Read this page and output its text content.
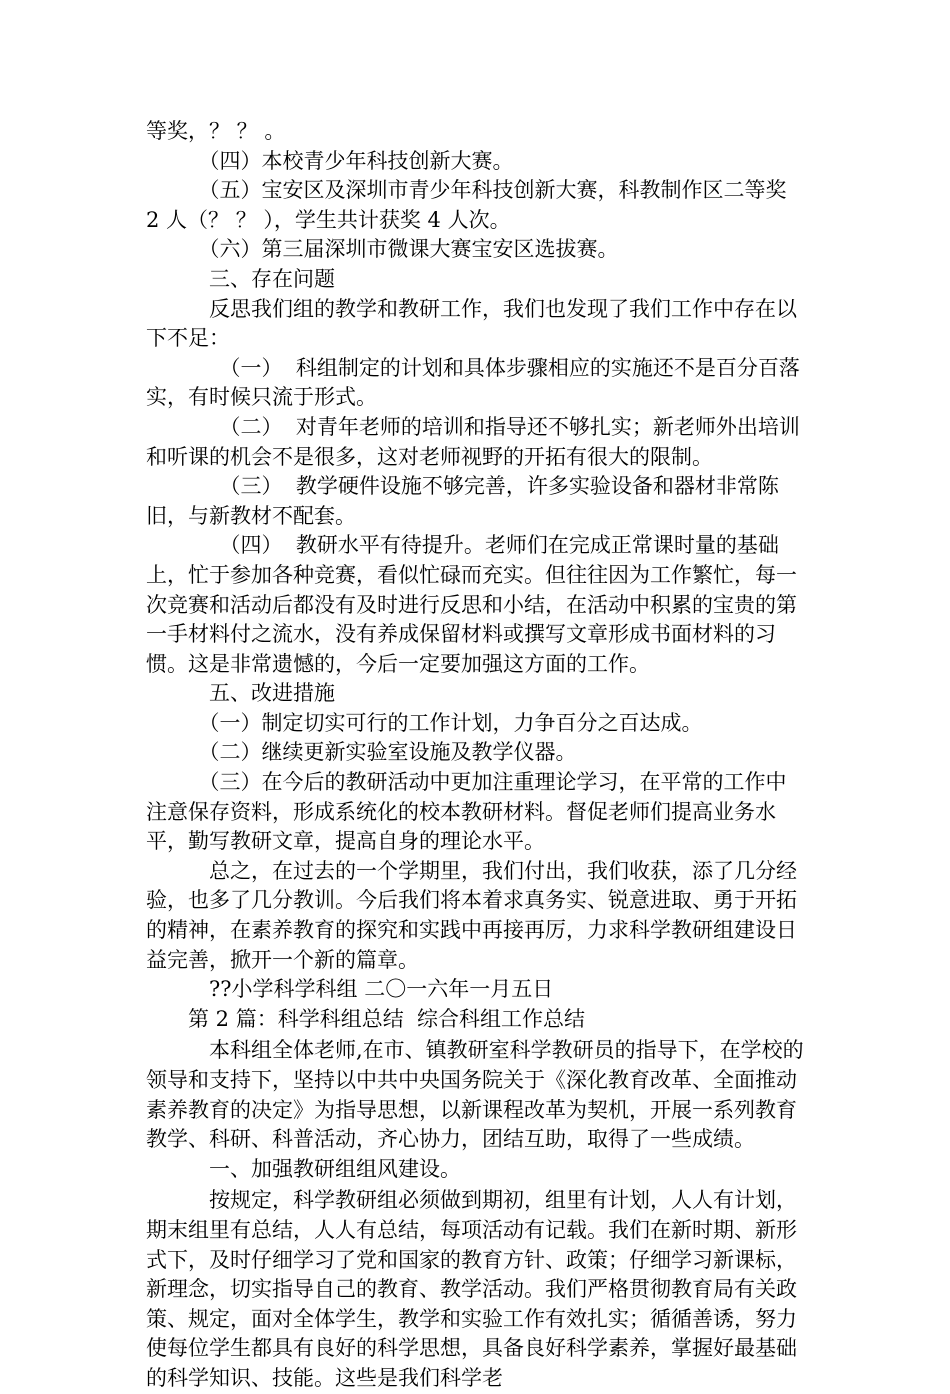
等奖，？ ？ 。

　　　（四）本校青少年科技创新大赛。

　　　（五）宝安区及深圳市青少年科技创新大赛，科教制作区二等奖 2 人（？ ？ ），学生共计获奖 4 人次。

　　　（六）第三届深圳市微课大赛宝安区选拔赛。

　　　三、存在问题

　　　反思我们组的教学和教研工作，我们也发现了我们工作中存在以下不足：

　　　　（一）  科组制定的计划和具体步骤相应的实施还不是百分百落实，有时候只流于形式。

　　　　（二）  对青年老师的培训和指导还不够扎实；新老师外出培训和听课的机会不是很多，这对老师视野的开拓有很大的限制。

　　　　（三）  教学硬件设施不够完善，许多实验设备和器材非常陈旧，与新教材不配套。

　　　　（四）  教研水平有待提升。老师们在完成正常课时量的基础上，忙于参加各种竞赛，看似忙碌而充实。但往往因为工作繁忙，每一次竞赛和活动后都没有及时进行反思和小结，在活动中积累的宝贵的第一手材料付之流水，没有养成保留材料或撰写文章形成书面材料的习惯。这是非常遗憾的，今后一定要加强这方面的工作。

　　　五、改进措施

　　　（一）制定切实可行的工作计划，力争百分之百达成。

　　　（二）继续更新实验室设施及教学仪器。

　　　（三）在今后的教研活动中更加注重理论学习，在平常的工作中注意保存资料，形成系统化的校本教研材料。督促老师们提高业务水平，勤写教研文章，提高自身的理论水平。

　　　总之，在过去的一个学期里，我们付出，我们收获，添了几分经验，也多了几分教训。今后我们将本着求真务实、锐意进取、勇于开拓的精神，在素养教育的探究和实践中再接再厉，力求科学教研组建设日益完善，掀开一个新的篇章。

　　　??小学科学科组 二〇一六年一月五日

　　第 2 篇：科学科组总结  综合科组工作总结

　　　本科组全体老师,在市、镇教研室科学教研员的指导下，在学校的领导和支持下，坚持以中共中央国务院关于《深化教育改革、全面推动素养教育的决定》为指导思想，以新课程改革为契机，开展一系列教育教学、科研、科普活动，齐心协力，团结互助，取得了一些成绩。

　　　一、加强教研组组风建设。

　　　按规定，科学教研组必须做到期初，组里有计划，人人有计划，期末组里有总结，人人有总结，每项活动有记载。我们在新时期、新形式下，及时仔细学习了党和国家的教育方针、政策；仔细学习新课标，新理念，切实指导自己的教育、教学活动。我们严格贯彻教育局有关政策、规定，面对全体学生，教学和实验工作有效扎实；循循善诱，努力使每位学生都具有良好的科学思想，具备良好科学素养，掌握好最基础的科学知识、技能。这些是我们科学老
